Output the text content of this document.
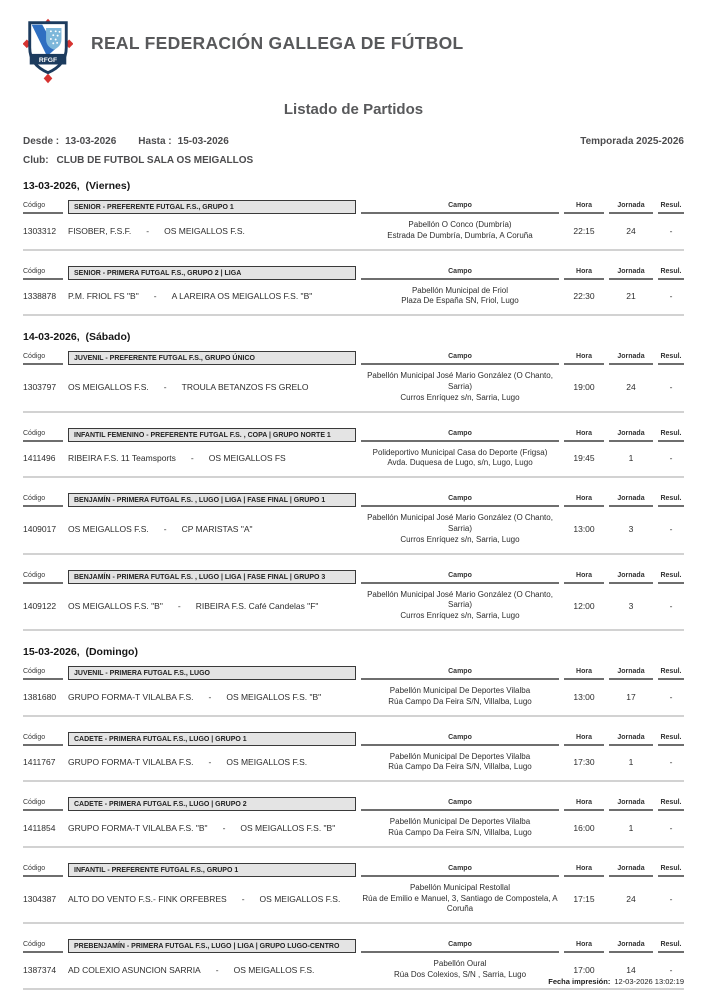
RFGF
REAL FEDERACIÓN GALLEGA DE FÚTBOL
Listado de Partidos
Desde : 13-03-2026 Hasta : 15-03-2026	Temporada 2025-2026
Club: CLUB DE FUTBOL SALA OS MEIGALLOS
13-03-2026,  (Viernes)
Código	SENIOR - PREFERENTE FUTGAL F.S., GRUPO 1	Campo	Hora	Jornada	Resul.
1303312	FISOBER, F.S.F. - OS MEIGALLOS F.S.
Pabellón O Conco (Dumbría)
Estrada De Dumbría, Dumbría, A Coruña	22:15	24	-
Código	SENIOR - PRIMERA FUTGAL F.S., GRUPO 2 | LIGA	Campo	Hora	Jornada	Resul.
1338878	P.M. FRIOL FS "B" - A LAREIRA OS MEIGALLOS F.S. "B"
Pabellón Municipal de Friol
Plaza De España SN, Friol, Lugo	22:30	21	-
14-03-2026,  (Sábado)
Código	JUVENIL - PREFERENTE FUTGAL F.S., GRUPO ÚNICO	Campo	Hora	Jornada	Resul.
1303797	OS MEIGALLOS F.S. - TROULA BETANZOS FS GRELO
Pabellón Municipal José Mario González (O Chanto, Sarria)
Curros Enríquez s/n, Sarria, Lugo
19:00	24	-
Código	INFANTIL FEMENINO - PREFERENTE FUTGAL F.S. , COPA | GRUPO NORTE 1	Campo	Hora	Jornada	Resul.
1411496	RIBEIRA F.S. 11 Teamsports - OS MEIGALLOS FS
Polideportivo Municipal Casa do Deporte (Frigsa)
Avda. Duquesa de Lugo, s/n, Lugo, Lugo	19:45	1	-
Código	BENJAMÍN - PRIMERA FUTGAL F.S. , LUGO | LIGA | FASE FINAL | GRUPO 1	Campo	Hora	Jornada	Resul.
1409017	OS MEIGALLOS F.S. - CP MARISTAS "A"
Pabellón Municipal José Mario González (O Chanto, Sarria)
Curros Enríquez s/n, Sarria, Lugo
13:00	3	-
Código	BENJAMÍN - PRIMERA FUTGAL F.S. , LUGO | LIGA | FASE FINAL | GRUPO 3	Campo	Hora	Jornada	Resul.
1409122	OS MEIGALLOS F.S. "B" - RIBEIRA F.S. Café Candelas "F"
Pabellón Municipal José Mario González (O Chanto, Sarria)
Curros Enríquez s/n, Sarria, Lugo
12:00	3	-
15-03-2026,  (Domingo)
Código	JUVENIL - PRIMERA FUTGAL F.S., LUGO	Campo	Hora	Jornada	Resul.
1381680	GRUPO FORMA-T VILALBA F.S. - OS MEIGALLOS F.S. "B"
Pabellón Municipal De Deportes Vilalba
Rúa Campo Da Feira S/N, Villalba, Lugo	13:00	17	-
Código	CADETE - PRIMERA FUTGAL F.S., LUGO | GRUPO 1	Campo	Hora	Jornada	Resul.
1411767	GRUPO FORMA-T VILALBA F.S. - OS MEIGALLOS F.S.
Pabellón Municipal De Deportes Vilalba
Rúa Campo Da Feira S/N, Villalba, Lugo	17:30	1	-
Código	CADETE - PRIMERA FUTGAL F.S., LUGO | GRUPO 2	Campo	Hora	Jornada	Resul.
1411854	GRUPO FORMA-T VILALBA F.S. "B" - OS MEIGALLOS F.S. "B"
Pabellón Municipal De Deportes Vilalba
Rúa Campo Da Feira S/N, Villalba, Lugo	16:00	1	-
Código	INFANTIL - PREFERENTE FUTGAL F.S., GRUPO 1	Campo	Hora	Jornada	Resul.
1304387	ALTO DO VENTO F.S.- FINK ORFEBRES - OS MEIGALLOS F.S.
Pabellón Municipal Restollal
Rúa de Emilio e Manuel, 3, Santiago de Compostela, A Coruña
17:15	24	-
Código	PREBENJAMÍN - PRIMERA FUTGAL F.S., LUGO | LIGA | GRUPO LUGO-CENTRO	Campo	Hora	Jornada	Resul.
1387374	AD COLEXIO ASUNCION SARRIA - OS MEIGALLOS F.S.
Pabellón Oural
Rúa Dos Colexios, S/N , Sarria, Lugo	17:00	14	-
Fecha impresión: 12-03-2026 13:02:19
